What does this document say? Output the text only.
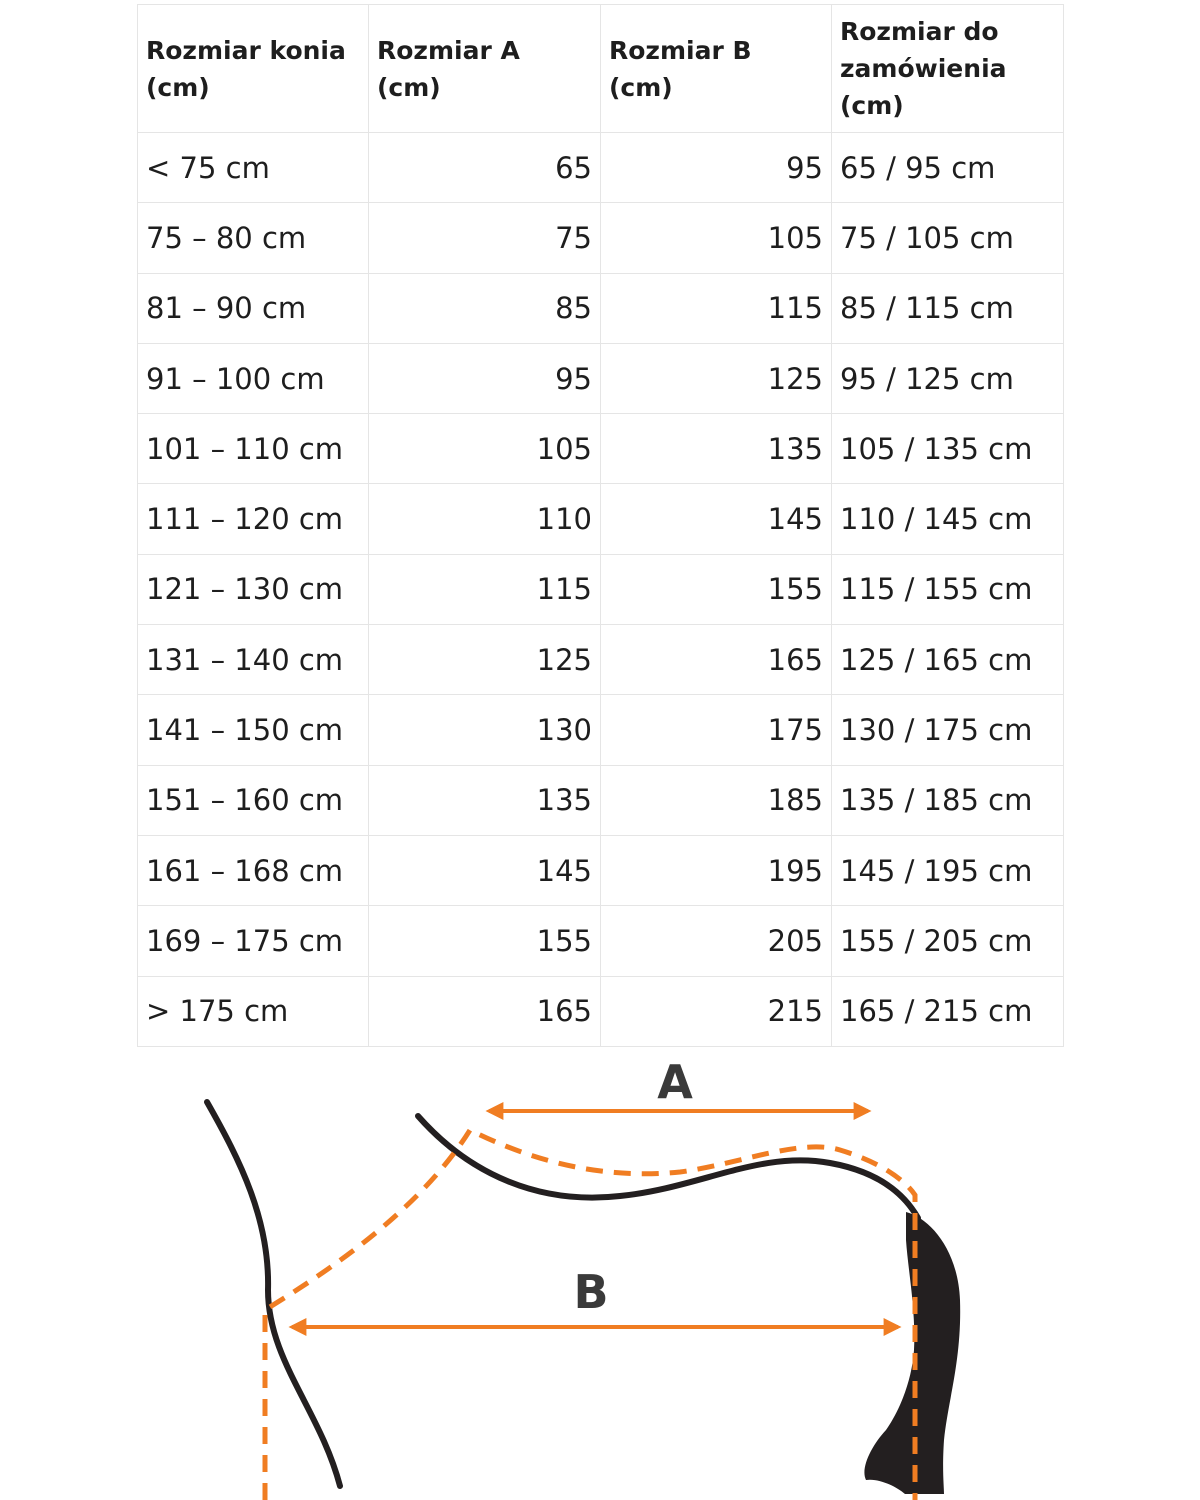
Rozmiar konia (cm)	Rozmiar A (cm)	Rozmiar B (cm)	Rozmiar do zamówienia (cm)
< 75 cm	65	95	65 / 95 cm
75 – 80 cm	75	105	75 / 105 cm
81 – 90 cm	85	115	85 / 115 cm
91 – 100 cm	95	125	95 / 125 cm
101 – 110 cm	105	135	105 / 135 cm
111 – 120 cm	110	145	110 / 145 cm
121 – 130 cm	115	155	115 / 155 cm
131 – 140 cm	125	165	125 / 165 cm
141 – 150 cm	130	175	130 / 175 cm
151 – 160 cm	135	185	135 / 185 cm
161 – 168 cm	145	195	145 / 195 cm
169 – 175 cm	155	205	155 / 205 cm
> 175 cm	165	215	165 / 215 cm
A
B
